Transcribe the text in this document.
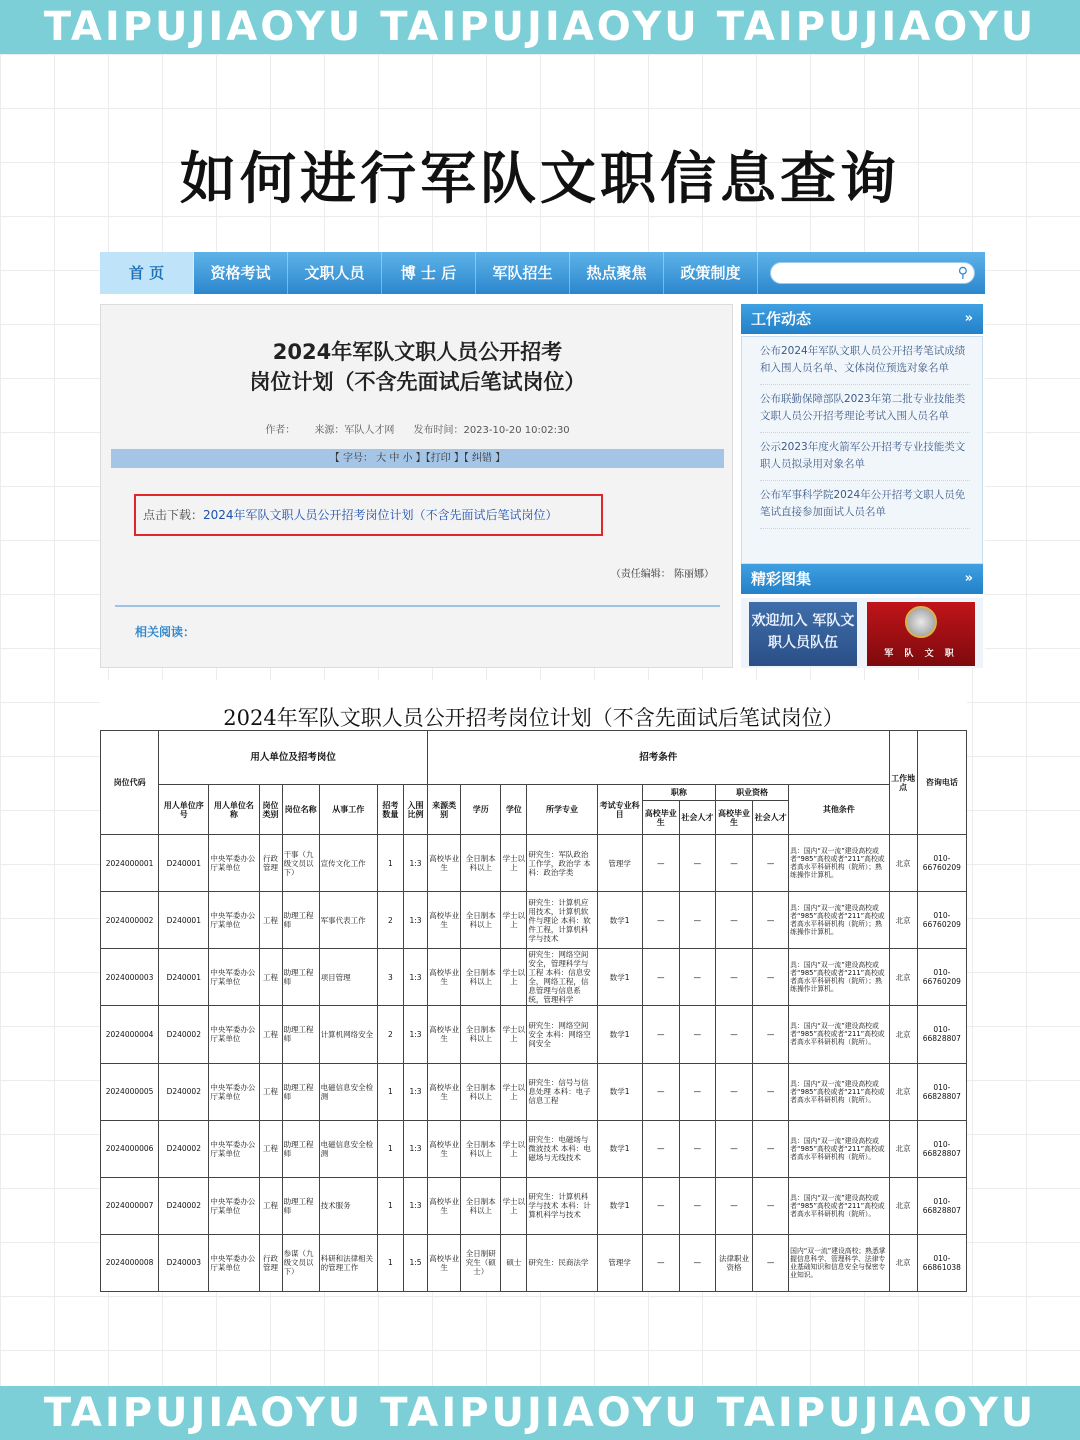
TAIPUJIAOYU TAIPUJIAOYU TAIPUJIAOYU
如何进行军队文职信息查询
首 页	资格考试	文职人员	博 士 后	军队招生	热点聚焦	政策制度	⚲
2024年军队文职人员公开招考
岗位计划（不含先面试后笔试岗位）
作者：      来源：军队人才网      发布时间：2023-10-20 10:02:30
【 字号： 大 中 小 】【打印 】【 纠错 】
点击下载：2024年军队文职人员公开招考岗位计划（不含先面试后笔试岗位）
（责任编辑： 陈丽娜）
相关阅读：
工作动态	»
公布2024年军队文职人员公开招考笔试成绩和入围人员名单、文体岗位预选对象名单
公布联勤保障部队2023年第二批专业技能类文职人员公开招考理论考试入围人员名单
公示2023年度火箭军公开招考专业技能类文职人员拟录用对象名单
公布军事科学院2024年公开招考文职人员免笔试直接参加面试人员名单
精彩图集	»
欢迎加入 军队文职人员队伍
军 队 文 职
2024年军队文职人员公开招考岗位计划（不含先面试后笔试岗位）
岗位代码	用人单位及招考岗位							招考条件										工作地点	咨询电话
	用人单位序号	用人单位名称	岗位类别	岗位名称	从事工作	招考数量	入围比例	来源类别	学历	学位	所学专业	考试专业科目	职称		职业资格		其他条件		
													高校毕业生	社会人才	高校毕业生	社会人才			
2024000001	D240001	中央军委办公厅某单位	行政管理	干事（九级文员以下）	宣传文化工作	1	1:3	高校毕业生	全日制本科以上	学士以上	研究生：军队政治工作学，政治学 本科：政治学类	管理学	—	—	—	—	具：国内“双一流”建设高校或者“985”高校或者“211”高校或者高水平科研机构（院所）；熟练操作计算机。	北京	010-66760209
2024000002	D240001	中央军委办公厅某单位	工程	助理工程师	军事代表工作	2	1:3	高校毕业生	全日制本科以上	学士以上	研究生：计算机应用技术，计算机软件与理论 本科：软件工程，计算机科学与技术	数学1	—	—	—	—	具：国内“双一流”建设高校或者“985”高校或者“211”高校或者高水平科研机构（院所）；熟练操作计算机。	北京	010-66760209
2024000003	D240001	中央军委办公厅某单位	工程	助理工程师	项目管理	3	1:3	高校毕业生	全日制本科以上	学士以上	研究生：网络空间安全，管理科学与工程 本科：信息安全，网络工程，信息管理与信息系统，管理科学	数学1	—	—	—	—	具：国内“双一流”建设高校或者“985”高校或者“211”高校或者高水平科研机构（院所）；熟练操作计算机。	北京	010-66760209
2024000004	D240002	中央军委办公厅某单位	工程	助理工程师	计算机网络安全	2	1:3	高校毕业生	全日制本科以上	学士以上	研究生：网络空间安全 本科：网络空间安全	数学1	—	—	—	—	具：国内“双一流”建设高校或者“985”高校或者“211”高校或者高水平科研机构（院所）。	北京	010-66828807
2024000005	D240002	中央军委办公厅某单位	工程	助理工程师	电磁信息安全检测	1	1:3	高校毕业生	全日制本科以上	学士以上	研究生：信号与信息处理 本科：电子信息工程	数学1	—	—	—	—	具：国内“双一流”建设高校或者“985”高校或者“211”高校或者高水平科研机构（院所）。	北京	010-66828807
2024000006	D240002	中央军委办公厅某单位	工程	助理工程师	电磁信息安全检测	1	1:3	高校毕业生	全日制本科以上	学士以上	研究生：电磁场与微波技术 本科：电磁场与无线技术	数学1	—	—	—	—	具：国内“双一流”建设高校或者“985”高校或者“211”高校或者高水平科研机构（院所）。	北京	010-66828807
2024000007	D240002	中央军委办公厅某单位	工程	助理工程师	技术服务	1	1:3	高校毕业生	全日制本科以上	学士以上	研究生：计算机科学与技术 本科：计算机科学与技术	数学1	—	—	—	—	具：国内“双一流”建设高校或者“985”高校或者“211”高校或者高水平科研机构（院所）。	北京	010-66828807
2024000008	D240003	中央军委办公厅某单位	行政管理	参谋（九级文员以下）	科研和法律相关的管理工作	1	1:5	高校毕业生	全日制研究生（硕士）	硕士	研究生：民商法学	管理学	—	—	法律职业资格	—	国内“双一流”建设高校；熟悉掌握信息科学、管理科学、法律专业基础知识和信息安全与保密专业知识。	北京	010-66861038
TAIPUJIAOYU TAIPUJIAOYU TAIPUJIAOYU
